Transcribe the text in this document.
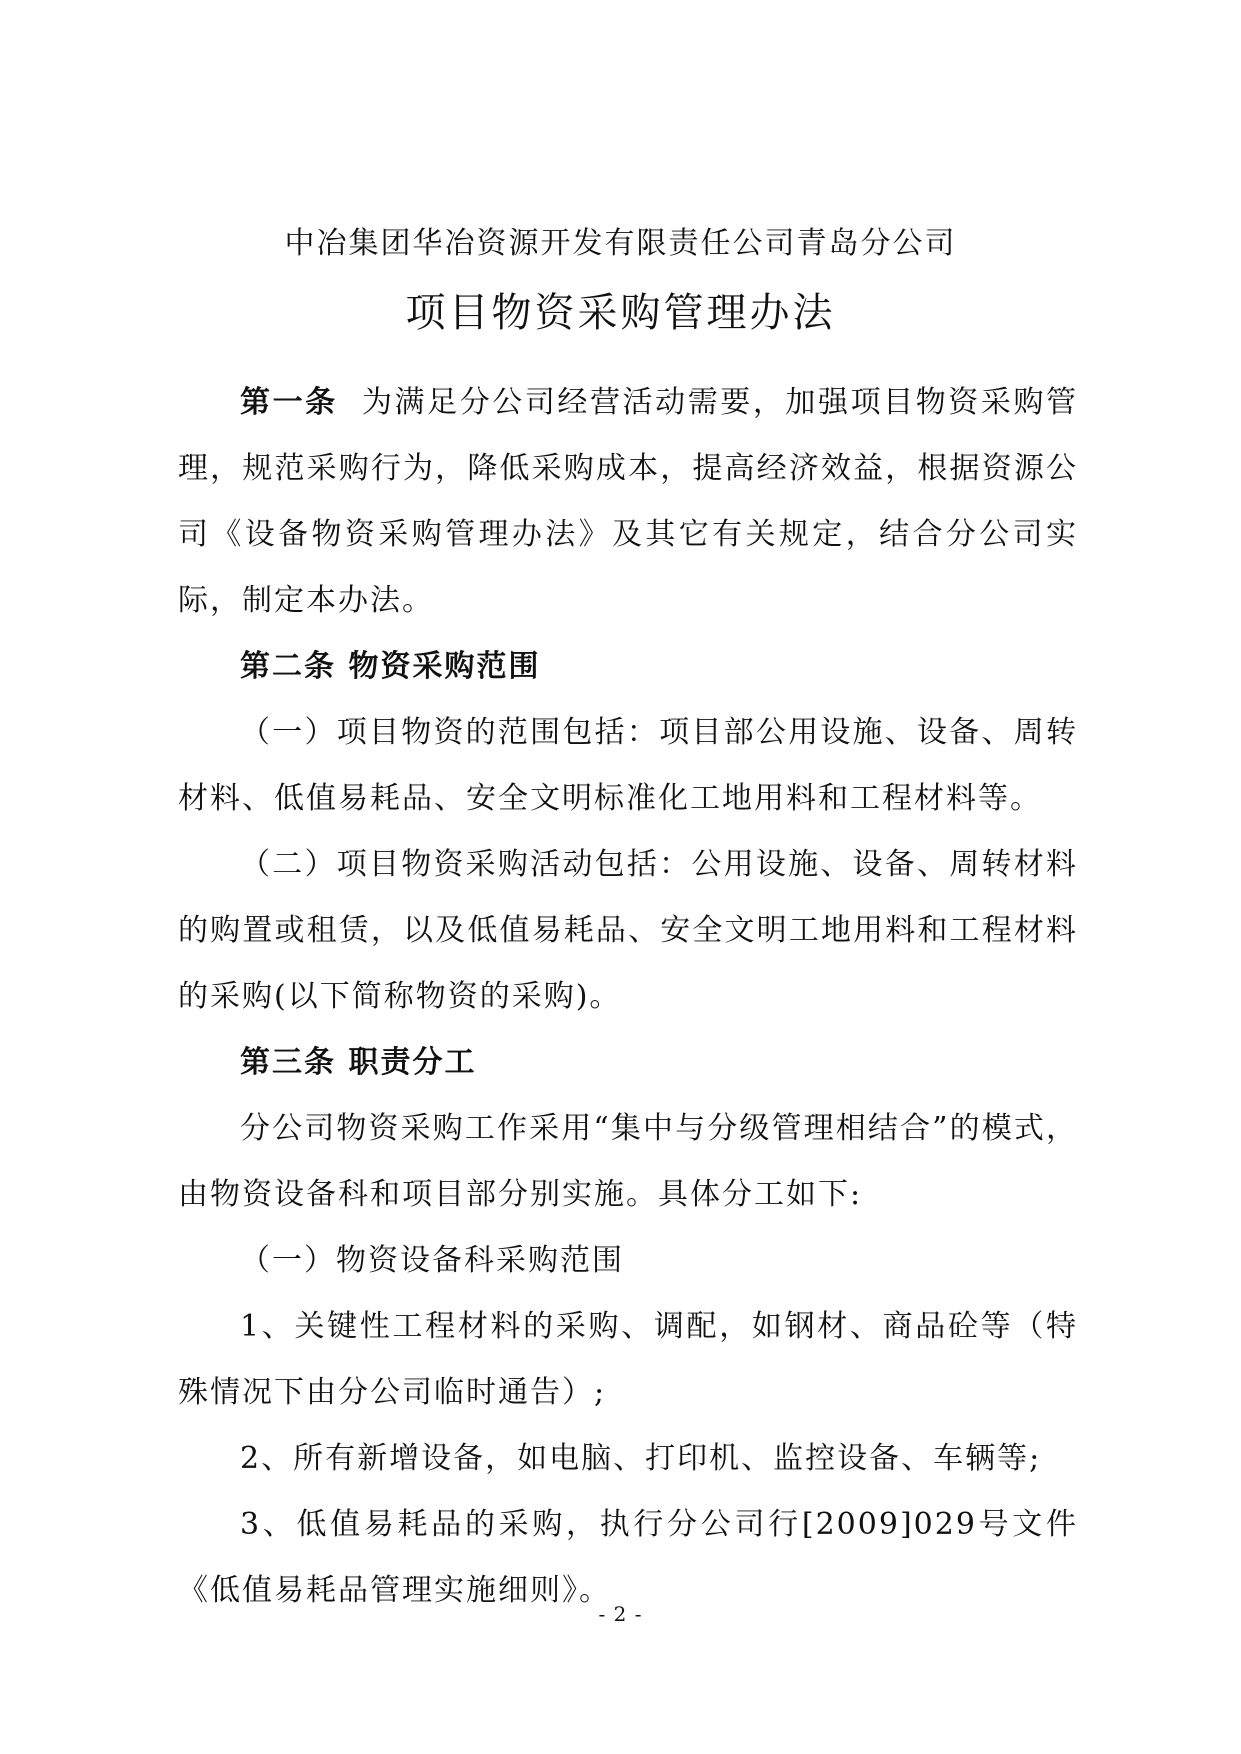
中冶集团华冶资源开发有限责任公司青岛分公司

项目物资采购管理办法

第一条 为满足分公司经营活动需要，加强项目物资采购管理，规范采购行为，降低采购成本，提高经济效益，根据资源公司《设备物资采购管理办法》及其它有关规定，结合分公司实际，制定本办法。

第二条 物资采购范围

（一）项目物资的范围包括：项目部公用设施、设备、周转材料、低值易耗品、安全文明标准化工地用料和工程材料等。

（二）项目物资采购活动包括：公用设施、设备、周转材料的购置或租赁，以及低值易耗品、安全文明工地用料和工程材料的采购(以下简称物资的采购)。

第三条 职责分工

分公司物资采购工作采用“集中与分级管理相结合”的模式，由物资设备科和项目部分别实施。具体分工如下:

（一）物资设备科采购范围

1、关键性工程材料的采购、调配，如钢材、商品砼等（特殊情况下由分公司临时通告）;

2、所有新增设备，如电脑、打印机、监控设备、车辆等;

3、低值易耗品的采购，执行分公司行[2009]029号文件《低值易耗品管理实施细则》。

- 2 -
